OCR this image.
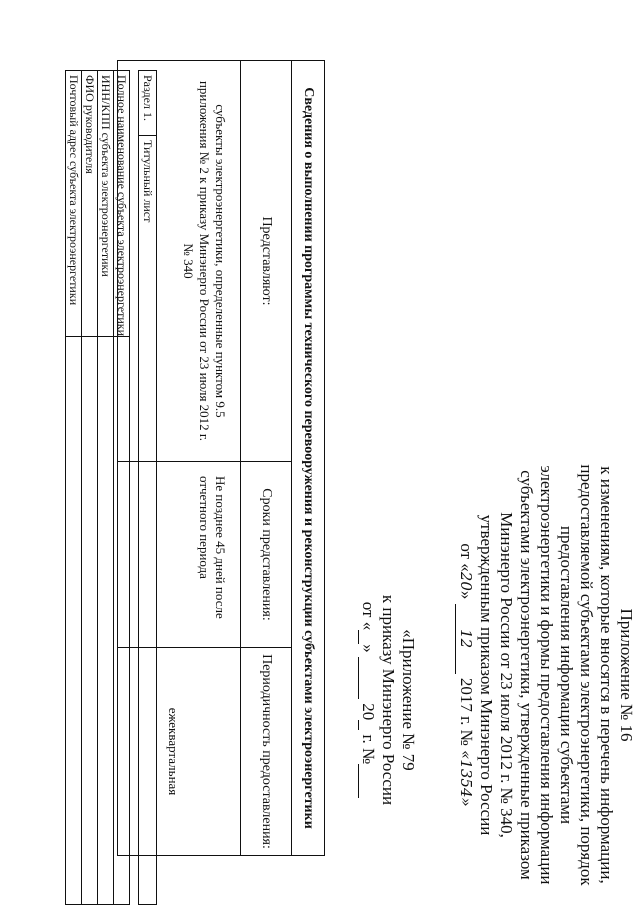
Приложение № 16
к изменениям, которые вносятся в перечень информации,
предоставляемой субъектами электроэнергетики, порядок
предоставления информации субъектами
электроэнергетики и формы предоставления информации
субъектами электроэнергетики, утвержденные приказом
Минэнерго России от 23 июля 2012 г. № 340,
утвержденным приказом Минэнерго России
от «20» 12 2017 г. № «1354»
«Приложение № 79
к приказу Минэнерго России
от «»  20 г. №
Сведения о выполнении программы технического перевооружения и реконструкции субъектами электроэнергетики		
Представляют:	Сроки представления:	Периодичность предоставления:
субъекты электроэнергетики, определенные пунктом 9.5 приложения № 2 к приказу Минэнерго России от 23 июля 2012 г. № 340	Не позднее 45 дней после отчетного периода	ежеквартальная
Раздел 1.	Титульный лист
Полное наименование субъекта электроэнергетики	
ИНН/КПП субъекта электроэнергетики	
ФИО руководителя	
Почтовый адрес субъекта электроэнергетики	
